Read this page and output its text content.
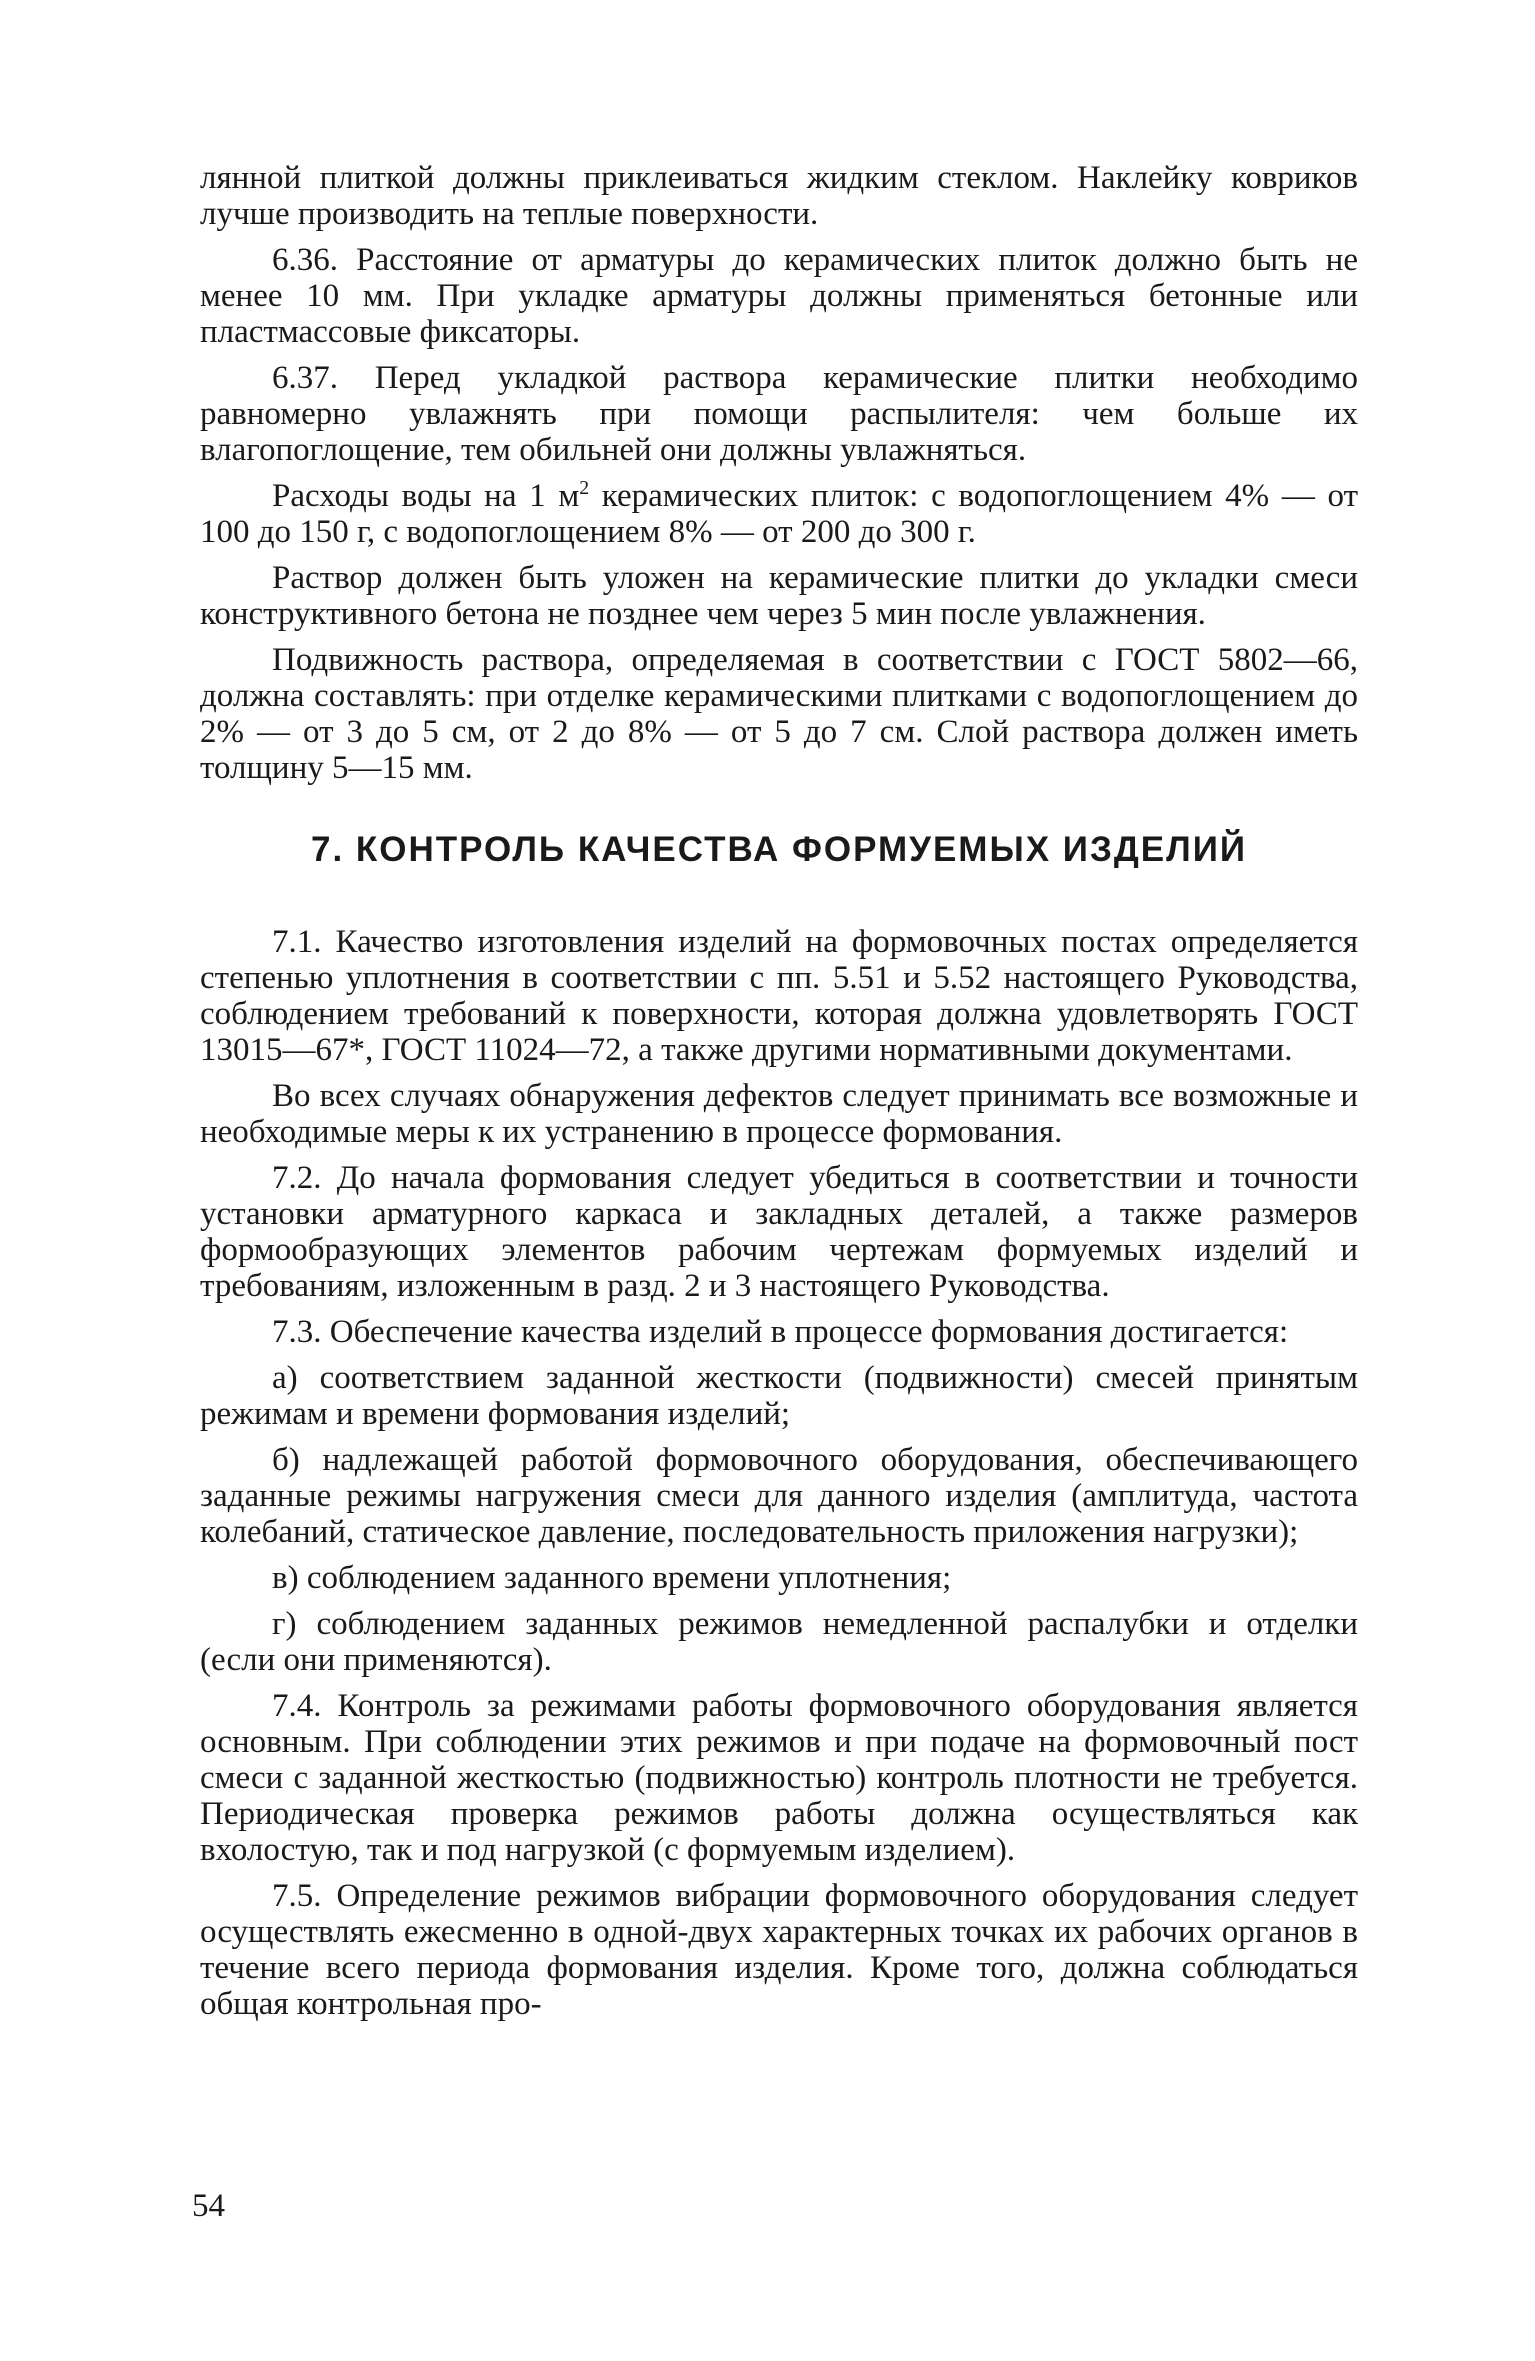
лянной плиткой должны приклеиваться жидким стеклом. Наклейку ковриков лучше производить на теплые поверхности.

6.36. Расстояние от арматуры до керамических плиток должно быть не менее 10 мм. При укладке арматуры должны применяться бетонные или пластмассовые фиксаторы.

6.37. Перед укладкой раствора керамические плитки необходимо равномерно увлажнять при помощи распылителя: чем больше их влагопоглощение, тем обильней они должны увлажняться.

Расходы воды на 1 $м^2$ керамических плиток: с водопоглощением 4% — от 100 до 150 г, с водопоглощением 8% — от 200 до 300 г.

Раствор должен быть уложен на керамические плитки до укладки смеси конструктивного бетона не позднее чем через 5 мин после увлажнения.

Подвижность раствора, определяемая в соответствии с ГОСТ 5802—66, должна составлять: при отделке керамическими плитками с водопоглощением до 2% — от 3 до 5 см, от 2 до 8% — от 5 до 7 см. Слой раствора должен иметь толщину 5—15 мм.

7. КОНТРОЛЬ КАЧЕСТВА ФОРМУЕМЫХ ИЗДЕЛИЙ

7.1. Качество изготовления изделий на формовочных постах определяется степенью уплотнения в соответствии с пп. 5.51 и 5.52 настоящего Руководства, соблюдением требований к поверхности, которая должна удовлетворять ГОСТ 13015—67*, ГОСТ 11024—72, а также другими нормативными документами.

Во всех случаях обнаружения дефектов следует принимать все возможные и необходимые меры к их устранению в процессе формования.

7.2. До начала формования следует убедиться в соответствии и точности установки арматурного каркаса и закладных деталей, а также размеров формообразующих элементов рабочим чертежам формуемых изделий и требованиям, изложенным в разд. 2 и 3 настоящего Руководства.

7.3. Обеспечение качества изделий в процессе формования достигается:

а) соответствием заданной жесткости (подвижности) смесей принятым режимам и времени формования изделий;

б) надлежащей работой формовочного оборудования, обеспечивающего заданные режимы нагружения смеси для данного изделия (амплитуда, частота колебаний, статическое давление, последовательность приложения нагрузки);

в) соблюдением заданного времени уплотнения;

г) соблюдением заданных режимов немедленной распалубки и отделки (если они применяются).

7.4. Контроль за режимами работы формовочного оборудования является основным. При соблюдении этих режимов и при подаче на формовочный пост смеси с заданной жесткостью (подвижностью) контроль плотности не требуется. Периодическая проверка режимов работы должна осуществляться как вхолостую, так и под нагрузкой (с формуемым изделием).

7.5. Определение режимов вибрации формовочного оборудования следует осуществлять ежесменно в одной-двух характерных точках их рабочих органов в течение всего периода формования изделия. Кроме того, должна соблюдаться общая контрольная про-

54
